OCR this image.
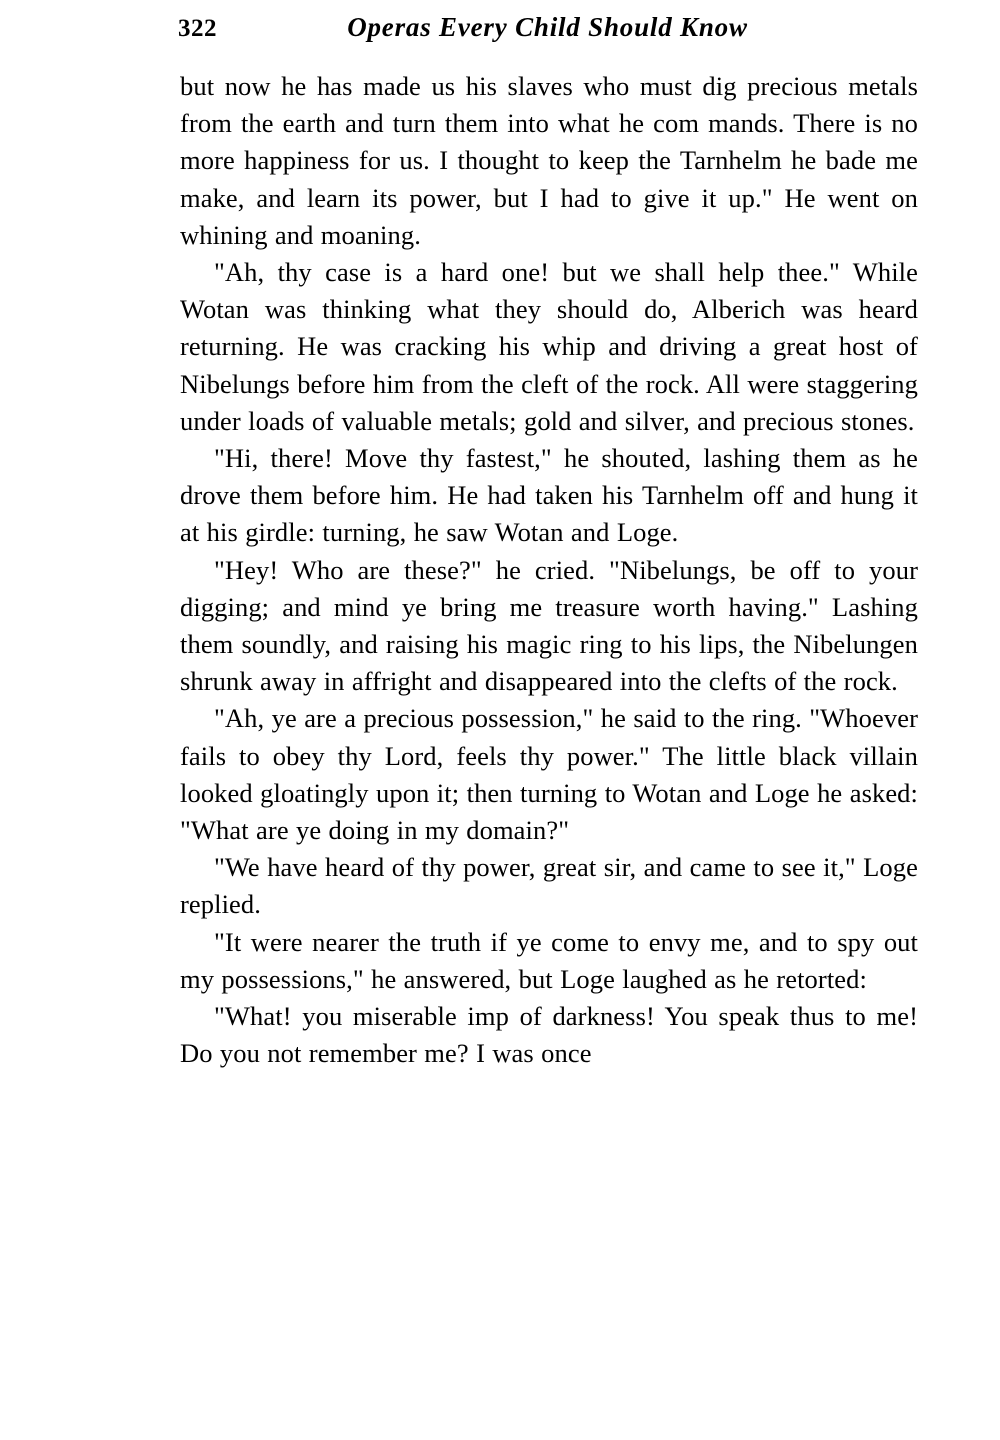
322	Operas Every Child Should Know

but now he has made us his slaves who must dig precious metals from the earth and turn them into what he com mands. There is no more happiness for us. I thought to keep the Tarnhelm he bade me make, and learn its power, but I had to give it up." He went on whining and moaning.

"Ah, thy case is a hard one! but we shall help thee." While Wotan was thinking what they should do, Alberich was heard returning. He was cracking his whip and driving a great host of Nibelungs before him from the cleft of the rock. All were staggering under loads of valuable metals; gold and silver, and precious stones.

"Hi, there! Move thy fastest," he shouted, lashing them as he drove them before him. He had taken his Tarnhelm off and hung it at his girdle: turning, he saw Wotan and Loge.

"Hey! Who are these?" he cried. "Nibelungs, be off to your digging; and mind ye bring me treasure worth having." Lashing them soundly, and raising his magic ring to his lips, the Nibelungen shrunk away in affright and disappeared into the clefts of the rock.

"Ah, ye are a precious possession," he said to the ring. "Whoever fails to obey thy Lord, feels thy power." The little black villain looked gloatingly upon it; then turning to Wotan and Loge he asked: "What are ye doing in my domain?"

"We have heard of thy power, great sir, and came to see it," Loge replied.

"It were nearer the truth if ye come to envy me, and to spy out my possessions," he answered, but Loge laughed as he retorted:

"What! you miserable imp of darkness! You speak thus to me! Do you not remember me? I was once
